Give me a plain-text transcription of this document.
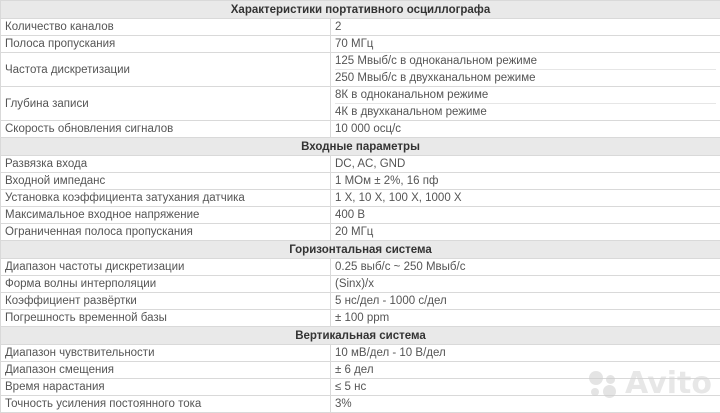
Характеристики портативного осциллографа	
Количество каналов	2
Полоса пропускания	70 МГц
Частота дискретизации	125 Мвыб/с в одноканальном режиме
250 Мвыб/с в двухканальном режиме

Глубина записи	8К в одноканальном режиме
4К в двухканальном режиме

Скорость обновления сигналов	10 000 осц/с
Входные параметры	
Развязка входа	DC, AC, GND
Входной импеданс	1 МОм ± 2%, 16 пф
Установка коэффициента затухания датчика	1 X, 10 X, 100 X, 1000 X
Максимальное входное напряжение	400 В
Ограниченная полоса пропускания	20 МГц
Горизонтальная система	
Диапазон частоты дискретизации	0.25 выб/с ~ 250 Мвыб/с
Форма волны интерполяции	(Sinx)/x
Коэффициент развёртки	5 нс/дел - 1000 с/дел
Погрешность временной базы	± 100 ppm
Вертикальная система	
Диапазон чувствительности	10 мВ/дел - 10 В/дел
Диапазон смещения	± 6 дел
Время нарастания	≤ 5 нс
Точность усиления постоянного тока	3%
Avito
